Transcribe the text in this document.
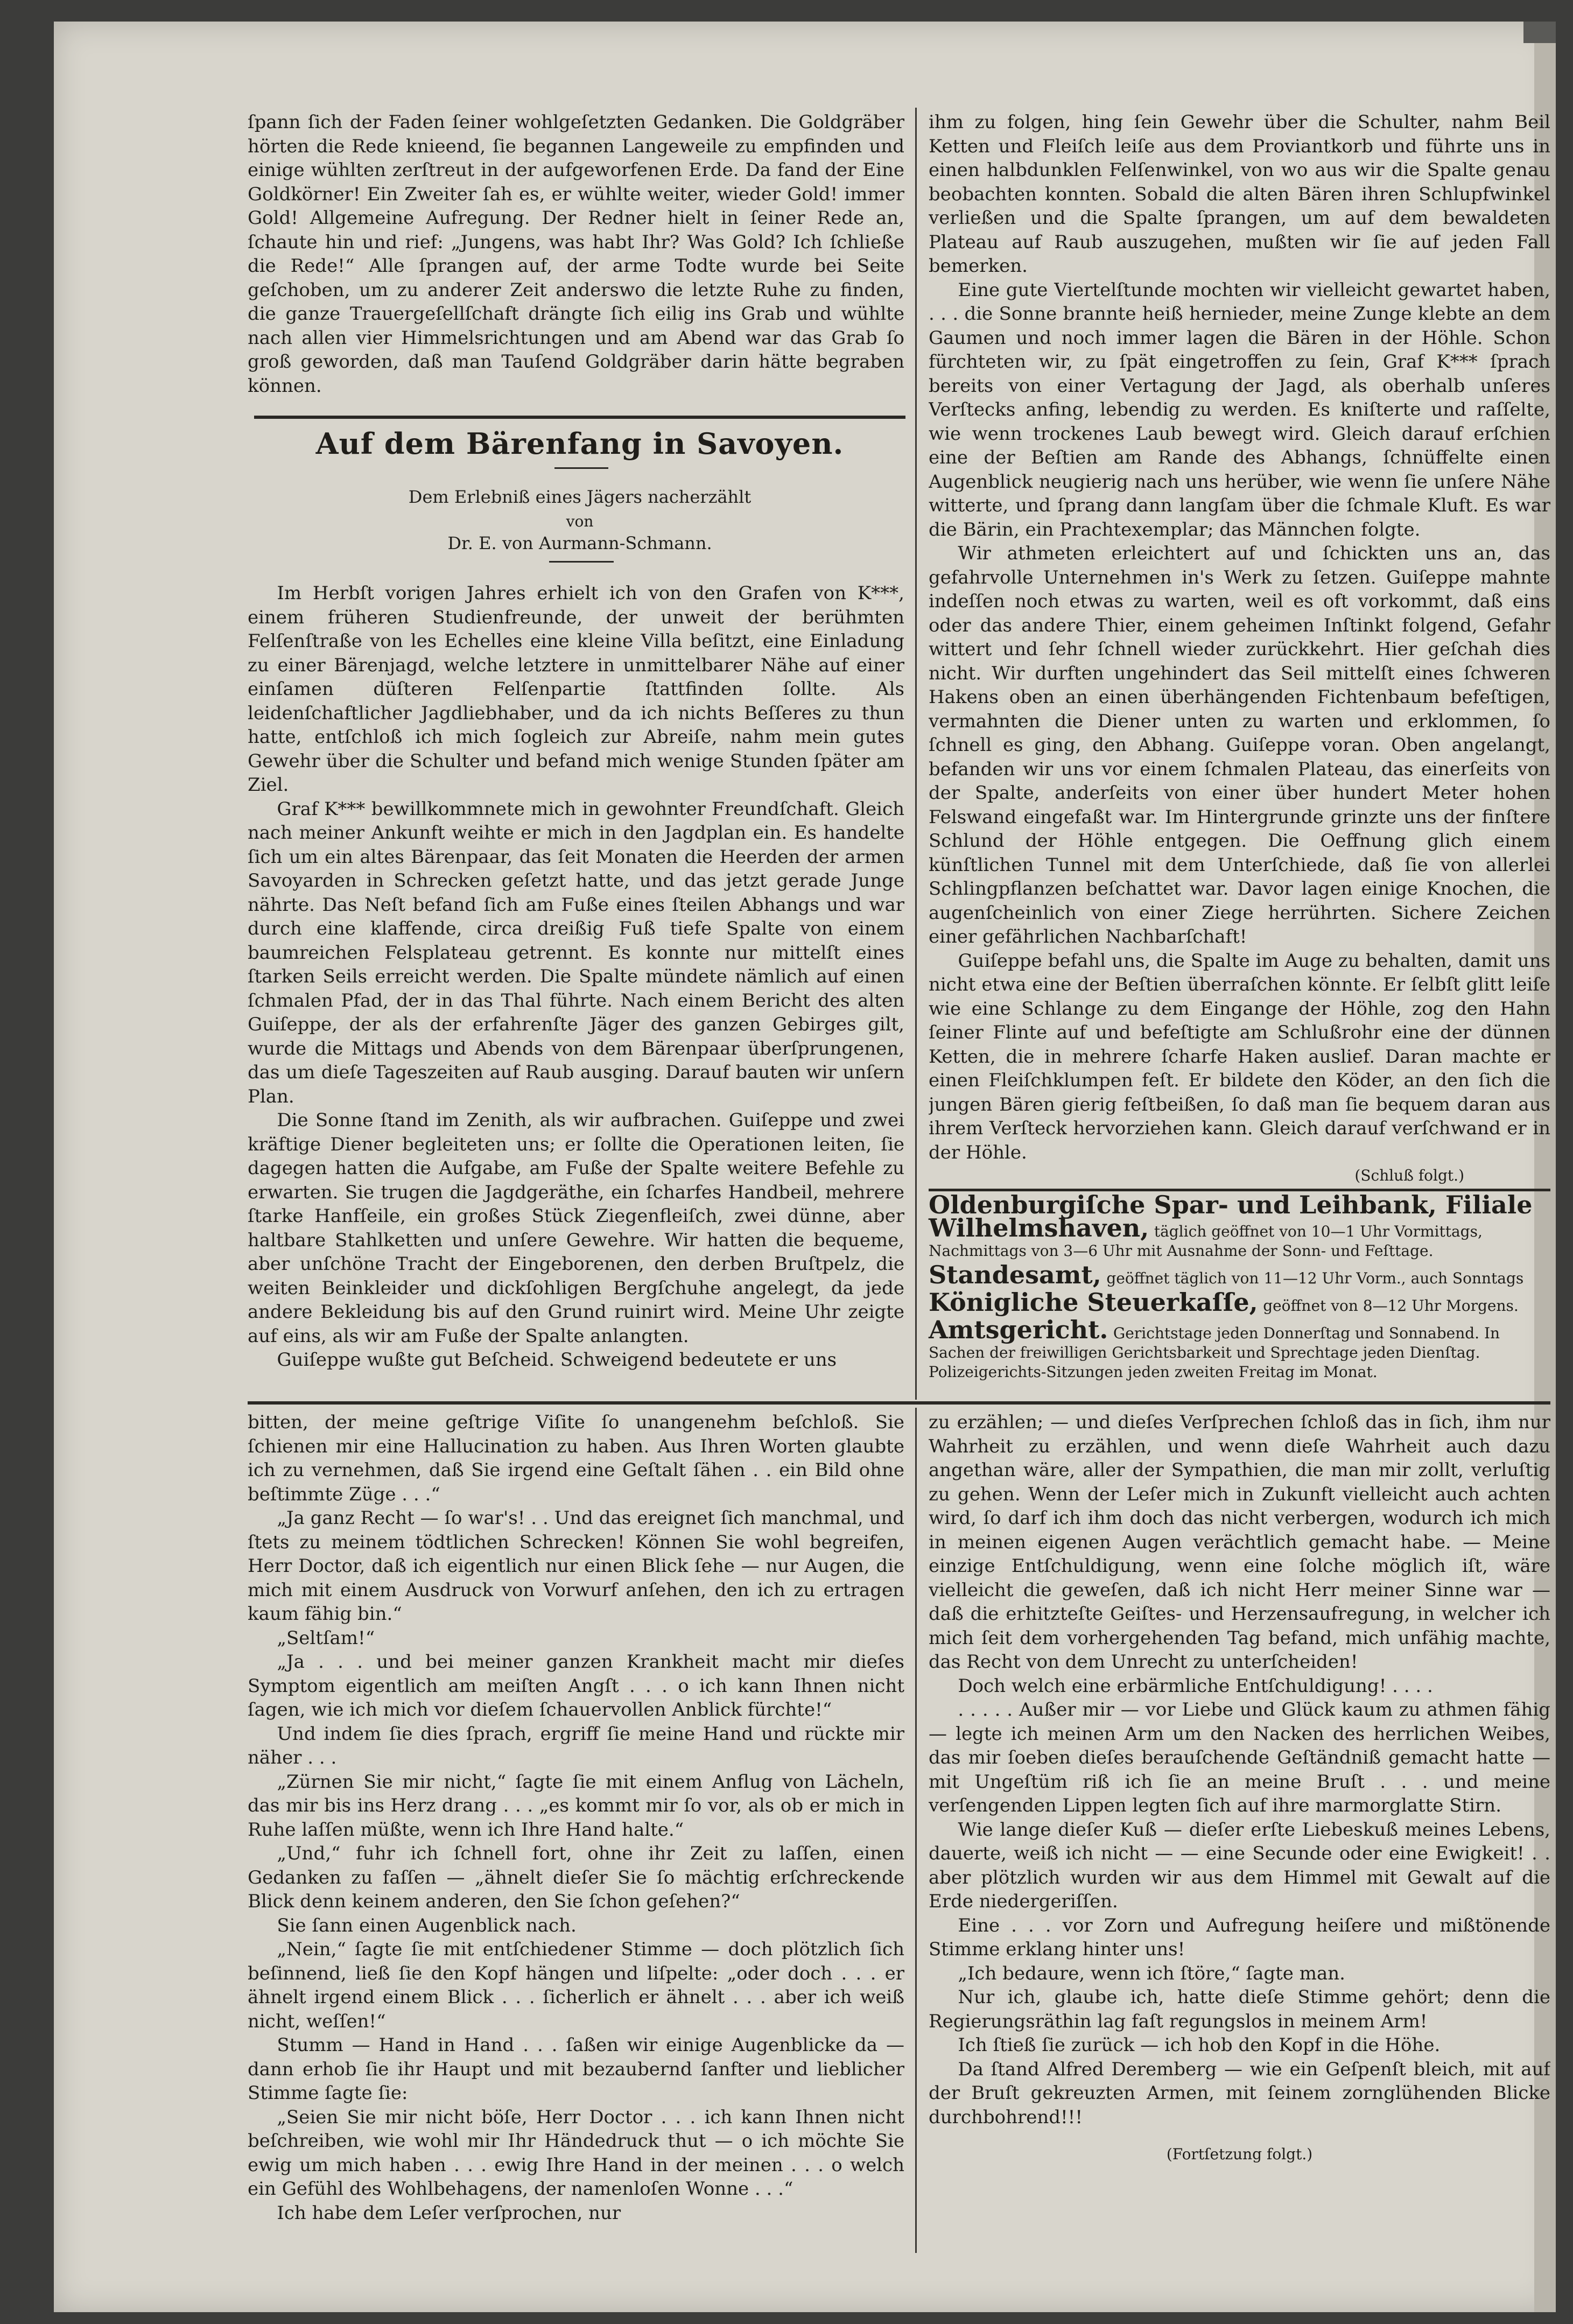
ſpann ſich der Faden ſeiner wohlgeſetzten Gedanken. Die Goldgräber hörten die Rede knieend, ſie begannen Langeweile zu empfinden und einige wühlten zerſtreut in der aufgeworfenen Erde. Da fand der Eine Goldkörner! Ein Zweiter ſah es, er wühlte weiter, wieder Gold! immer Gold! Allgemeine Aufregung. Der Redner hielt in ſeiner Rede an, ſchaute hin und rief: „Jungens, was habt Ihr? Was Gold? Ich ſchließe die Rede!“ Alle ſprangen auf, der arme Todte wurde bei Seite geſchoben, um zu anderer Zeit anderswo die letzte Ruhe zu finden, die ganze Trauergeſellſchaft drängte ſich eilig ins Grab und wühlte nach allen vier Himmelsrichtungen und am Abend war das Grab ſo groß geworden, daß man Tauſend Goldgräber darin hätte begraben können.

Auf dem Bärenfang in Savoyen.
Dem Erlebniß eines Jägers nacherzählt
von
Dr. E. von Aurmann-Schmann.

Im Herbſt vorigen Jahres erhielt ich von den Grafen von K***, einem früheren Studienfreunde, der unweit der berühmten Felſenſtraße von les Echelles eine kleine Villa beſitzt, eine Einladung zu einer Bärenjagd, welche letztere in unmittelbarer Nähe auf einer einſamen düſteren Felſenpartie ſtattfinden ſollte. Als leidenſchaftlicher Jagdliebhaber, und da ich nichts Beſſeres zu thun hatte, entſchloß ich mich ſogleich zur Abreiſe, nahm mein gutes Gewehr über die Schulter und befand mich wenige Stunden ſpäter am Ziel.

Graf K*** bewillkommnete mich in gewohnter Freundſchaft. Gleich nach meiner Ankunft weihte er mich in den Jagdplan ein. Es handelte ſich um ein altes Bärenpaar, das ſeit Monaten die Heerden der armen Savoyarden in Schrecken geſetzt hatte, und das jetzt gerade Junge nährte. Das Neſt befand ſich am Fuße eines ſteilen Abhangs und war durch eine klaffende, circa dreißig Fuß tiefe Spalte von einem baumreichen Felsplateau getrennt. Es konnte nur mittelſt eines ſtarken Seils erreicht werden. Die Spalte mündete nämlich auf einen ſchmalen Pfad, der in das Thal führte. Nach einem Bericht des alten Guiſeppe, der als der erfahrenſte Jäger des ganzen Gebirges gilt, wurde die Mittags und Abends von dem Bärenpaar überſprungenen, das um dieſe Tageszeiten auf Raub ausging. Darauf bauten wir unſern Plan.

Die Sonne ſtand im Zenith, als wir aufbrachen. Guiſeppe und zwei kräftige Diener begleiteten uns; er ſollte die Operationen leiten, ſie dagegen hatten die Aufgabe, am Fuße der Spalte weitere Befehle zu erwarten. Sie trugen die Jagdgeräthe, ein ſcharfes Handbeil, mehrere ſtarke Hanfſeile, ein großes Stück Ziegenfleiſch, zwei dünne, aber haltbare Stahlketten und unſere Gewehre. Wir hatten die bequeme, aber unſchöne Tracht der Eingeborenen, den derben Bruſtpelz, die weiten Beinkleider und dickſohligen Bergſchuhe angelegt, da jede andere Bekleidung bis auf den Grund ruinirt wird. Meine Uhr zeigte auf eins, als wir am Fuße der Spalte anlangten.

Guiſeppe wußte gut Beſcheid. Schweigend bedeutete er uns

ihm zu folgen, hing ſein Gewehr über die Schulter, nahm Beil Ketten und Fleiſch leiſe aus dem Proviantkorb und führte uns in einen halbdunklen Felſenwinkel, von wo aus wir die Spalte genau beobachten konnten. Sobald die alten Bären ihren Schlupfwinkel verließen und die Spalte ſprangen, um auf dem bewaldeten Plateau auf Raub auszugehen, mußten wir ſie auf jeden Fall bemerken.

Eine gute Viertelſtunde mochten wir vielleicht gewartet haben, . . . die Sonne brannte heiß hernieder, meine Zunge klebte an dem Gaumen und noch immer lagen die Bären in der Höhle. Schon fürchteten wir, zu ſpät eingetroffen zu ſein, Graf K*** ſprach bereits von einer Vertagung der Jagd, als oberhalb unſeres Verſtecks anfing, lebendig zu werden. Es kniſterte und raſſelte, wie wenn trockenes Laub bewegt wird. Gleich darauf erſchien eine der Beſtien am Rande des Abhangs, ſchnüffelte einen Augenblick neugierig nach uns herüber, wie wenn ſie unſere Nähe witterte, und ſprang dann langſam über die ſchmale Kluft. Es war die Bärin, ein Prachtexemplar; das Männchen folgte.

Wir athmeten erleichtert auf und ſchickten uns an, das gefahrvolle Unternehmen in's Werk zu ſetzen. Guiſeppe mahnte indeſſen noch etwas zu warten, weil es oft vorkommt, daß eins oder das andere Thier, einem geheimen Inſtinkt folgend, Gefahr wittert und ſehr ſchnell wieder zurückkehrt. Hier geſchah dies nicht. Wir durften ungehindert das Seil mittelſt eines ſchweren Hakens oben an einen überhängenden Fichtenbaum befeſtigen, vermahnten die Diener unten zu warten und erklommen, ſo ſchnell es ging, den Abhang. Guiſeppe voran. Oben angelangt, befanden wir uns vor einem ſchmalen Plateau, das einerſeits von der Spalte, anderſeits von einer über hundert Meter hohen Felswand eingefaßt war. Im Hintergrunde grinzte uns der finſtere Schlund der Höhle entgegen. Die Oeffnung glich einem künſtlichen Tunnel mit dem Unterſchiede, daß ſie von allerlei Schlingpflanzen beſchattet war. Davor lagen einige Knochen, die augenſcheinlich von einer Ziege herrührten. Sichere Zeichen einer gefährlichen Nachbarſchaft!

Guiſeppe befahl uns, die Spalte im Auge zu behalten, damit uns nicht etwa eine der Beſtien überraſchen könnte. Er ſelbſt glitt leiſe wie eine Schlange zu dem Eingange der Höhle, zog den Hahn ſeiner Flinte auf und befeſtigte am Schlußrohr eine der dünnen Ketten, die in mehrere ſcharfe Haken auslief. Daran machte er einen Fleiſchklumpen feſt. Er bildete den Köder, an den ſich die jungen Bären gierig feſtbeißen, ſo daß man ſie bequem daran aus ihrem Verſteck hervorziehen kann. Gleich darauf verſchwand er in der Höhle.

(Schluß folgt.)
Oldenburgiſche Spar- und Leihbank, Filiale Wilhelmshaven, täglich geöffnet von 10—1 Uhr Vormittags, Nachmittags von 3—6 Uhr mit Ausnahme der Sonn- und Feſttage.
Standesamt, geöffnet täglich von 11—12 Uhr Vorm., auch Sonntags
Königliche Steuerkaſſe, geöffnet von 8—12 Uhr Morgens.
Amtsgericht. Gerichtstage jeden Donnerſtag und Sonnabend. In Sachen der freiwilligen Gerichtsbarkeit und Sprechtage jeden Dienſtag. Polizeigerichts-Sitzungen jeden zweiten Freitag im Monat.

bitten, der meine geſtrige Viſite ſo unangenehm beſchloß. Sie ſchienen mir eine Hallucination zu haben. Aus Ihren Worten glaubte ich zu vernehmen, daß Sie irgend eine Geſtalt ſähen . . ein Bild ohne beſtimmte Züge . . .“

„Ja ganz Recht — ſo war's! . . Und das ereignet ſich manchmal, und ſtets zu meinem tödtlichen Schrecken! Können Sie wohl begreifen, Herr Doctor, daß ich eigentlich nur einen Blick ſehe — nur Augen, die mich mit einem Ausdruck von Vorwurf anſehen, den ich zu ertragen kaum fähig bin.“

„Seltſam!“

„Ja . . . und bei meiner ganzen Krankheit macht mir dieſes Symptom eigentlich am meiſten Angſt . . . o ich kann Ihnen nicht ſagen, wie ich mich vor dieſem ſchauervollen Anblick fürchte!“

Und indem ſie dies ſprach, ergriff ſie meine Hand und rückte mir näher . . .

„Zürnen Sie mir nicht,“ ſagte ſie mit einem Anflug von Lächeln, das mir bis ins Herz drang . . . „es kommt mir ſo vor, als ob er mich in Ruhe laſſen müßte, wenn ich Ihre Hand halte.“

„Und,“ fuhr ich ſchnell fort, ohne ihr Zeit zu laſſen, einen Gedanken zu faſſen — „ähnelt dieſer Sie ſo mächtig erſchreckende Blick denn keinem anderen, den Sie ſchon geſehen?“

Sie ſann einen Augenblick nach.

„Nein,“ ſagte ſie mit entſchiedener Stimme — doch plötzlich ſich beſinnend, ließ ſie den Kopf hängen und liſpelte: „oder doch . . . er ähnelt irgend einem Blick . . . ſicherlich er ähnelt . . . aber ich weiß nicht, weſſen!“

Stumm — Hand in Hand . . . ſaßen wir einige Augenblicke da — dann erhob ſie ihr Haupt und mit bezaubernd ſanfter und lieblicher Stimme ſagte ſie:

„Seien Sie mir nicht böſe, Herr Doctor . . . ich kann Ihnen nicht beſchreiben, wie wohl mir Ihr Händedruck thut — o ich möchte Sie ewig um mich haben . . . ewig Ihre Hand in der meinen . . . o welch ein Gefühl des Wohlbehagens, der namenloſen Wonne . . .“

Ich habe dem Leſer verſprochen, nur

zu erzählen; — und dieſes Verſprechen ſchloß das in ſich, ihm nur Wahrheit zu erzählen, und wenn dieſe Wahrheit auch dazu angethan wäre, aller der Sympathien, die man mir zollt, verluſtig zu gehen. Wenn der Leſer mich in Zukunft vielleicht auch achten wird, ſo darf ich ihm doch das nicht verbergen, wodurch ich mich in meinen eigenen Augen verächtlich gemacht habe. — Meine einzige Entſchuldigung, wenn eine ſolche möglich iſt, wäre vielleicht die geweſen, daß ich nicht Herr meiner Sinne war — daß die erhitzteſte Geiſtes- und Herzensaufregung, in welcher ich mich ſeit dem vorhergehenden Tag befand, mich unfähig machte, das Recht von dem Unrecht zu unterſcheiden!

Doch welch eine erbärmliche Entſchuldigung! . . . .

. . . . . Außer mir — vor Liebe und Glück kaum zu athmen fähig — legte ich meinen Arm um den Nacken des herrlichen Weibes, das mir ſoeben dieſes berauſchende Geſtändniß gemacht hatte — mit Ungeſtüm riß ich ſie an meine Bruſt . . . und meine verſengenden Lippen legten ſich auf ihre marmorglatte Stirn.

Wie lange dieſer Kuß — dieſer erſte Liebeskuß meines Lebens, dauerte, weiß ich nicht — — eine Secunde oder eine Ewigkeit! . . aber plötzlich wurden wir aus dem Himmel mit Gewalt auf die Erde niedergeriſſen.

Eine . . . vor Zorn und Aufregung heiſere und mißtönende Stimme erklang hinter uns!

„Ich bedaure, wenn ich ſtöre,“ ſagte man.

Nur ich, glaube ich, hatte dieſe Stimme gehört; denn die Regierungsräthin lag faſt regungslos in meinem Arm!

Ich ſtieß ſie zurück — ich hob den Kopf in die Höhe.

Da ſtand Alfred Deremberg — wie ein Geſpenſt bleich, mit auf der Bruſt gekreuzten Armen, mit ſeinem zornglühenden Blicke durchbohrend!!!

(Fortſetzung folgt.)
